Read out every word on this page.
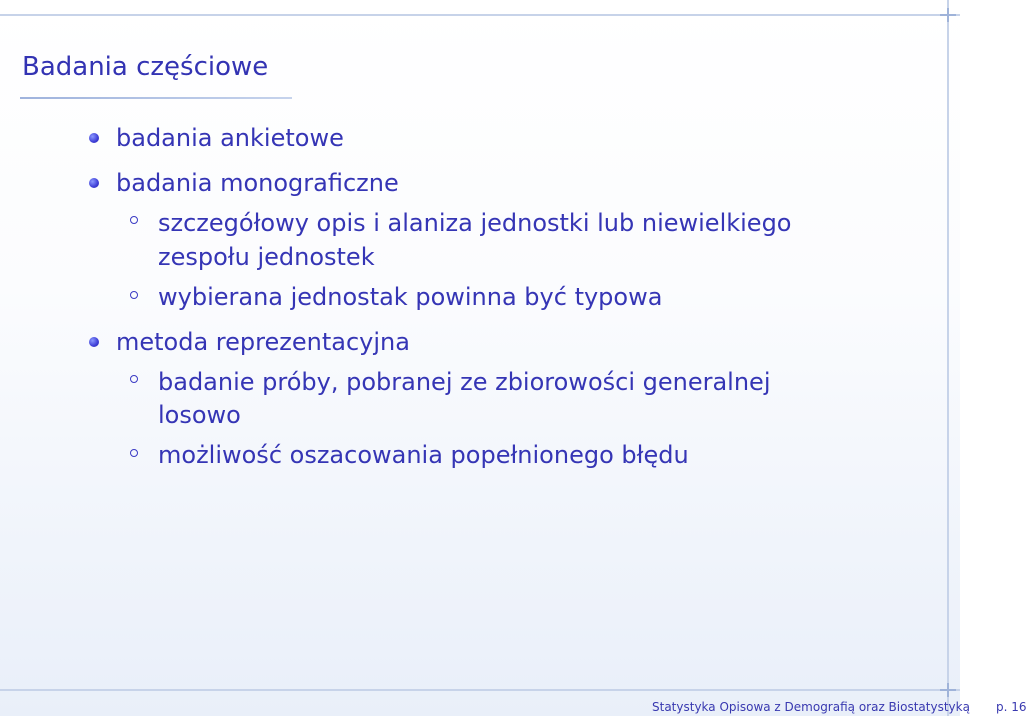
Badania częściowe
badania ankietowe
badania monograficzne
szczegółowy opis i alaniza jednostki lub niewielkiego
zespołu jednostek
wybierana jednostak powinna być typowa
metoda reprezentacyjna
badanie próby, pobranej ze zbiorowości generalnej
losowo
możliwość oszacowania popełnionego błędu
Statystyka Opisowa z Demografią oraz Biostatystyką p. 16
